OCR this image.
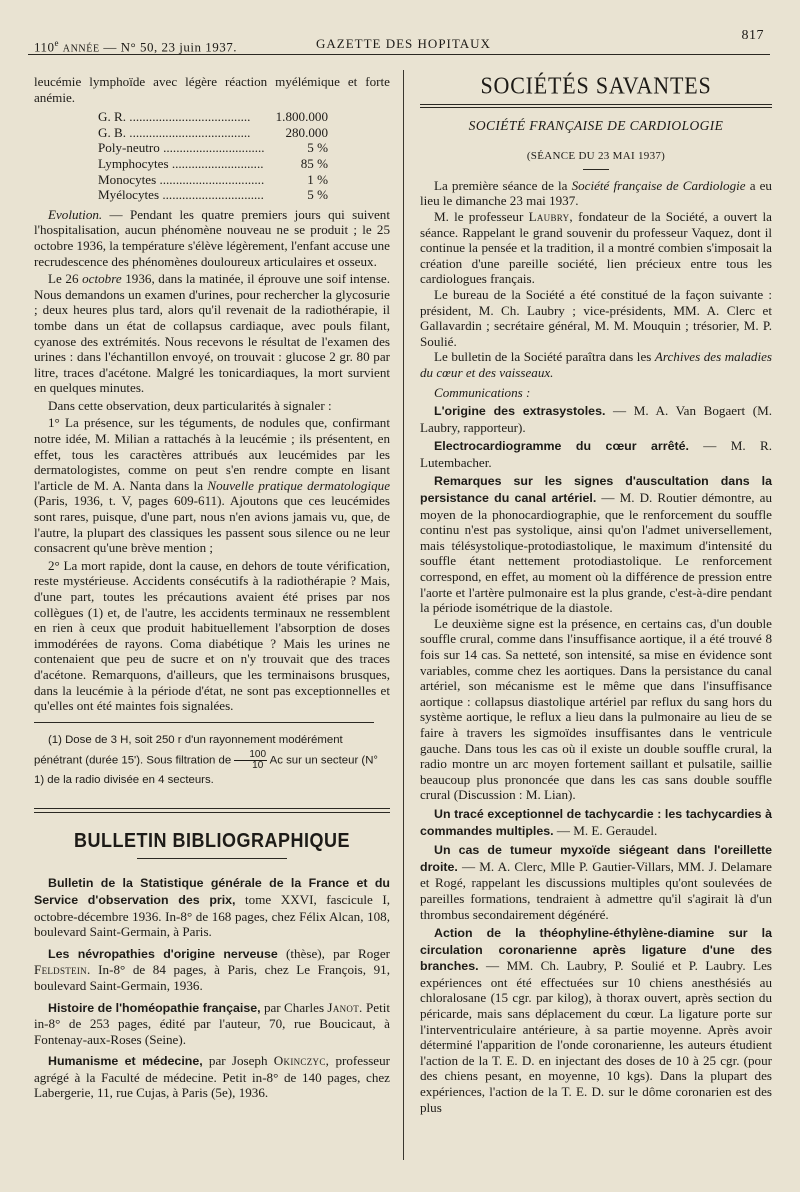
110e ANNÉE — N° 50, 23 juin 1937.	GAZETTE DES HOPITAUX
817

leucémie lymphoïde avec légère réaction myélémique et forte anémie.

G. R. .....	1.800.000
G. B. .....	280.000
Poly-neutro .....	5 %
Lymphocytes .....	85 %
Monocytes .....	1 %
Myélocytes .....	5 %

Evolution. — Pendant les quatre premiers jours qui suivent l'hospitalisation, aucun phénomène nouveau ne se produit ; le 25 octobre 1936, la température s'élève légèrement, l'enfant accuse une recrudescence des phénomènes douloureux articulaires et osseux.

Le 26 octobre 1936, dans la matinée, il éprouve une soif intense. Nous demandons un examen d'urines, pour rechercher la glycosurie ; deux heures plus tard, alors qu'il revenait de la radiothérapie, il tombe dans un état de collapsus cardiaque, avec pouls filant, cyanose des extrémités. Nous recevons le résultat de l'examen des urines : dans l'échantillon envoyé, on trouvait : glucose 2 gr. 80 par litre, traces d'acétone. Malgré les tonicardiaques, la mort survient en quelques minutes.

Dans cette observation, deux particularités à signaler :

1° La présence, sur les téguments, de nodules que, confirmant notre idée, M. Milian a rattachés à la leucémie ; ils présentent, en effet, tous les caractères attribués aux leucémides par les dermatologistes, comme on peut s'en rendre compte en lisant l'article de M. A. Nanta dans la Nouvelle pratique dermatologique (Paris, 1936, t. V, pages 609-611). Ajoutons que ces leucémides sont rares, puisque, d'une part, nous n'en avions jamais vu, que, de l'autre, la plupart des classiques les passent sous silence ou ne leur consacrent qu'une brève mention ;

2° La mort rapide, dont la cause, en dehors de toute vérification, reste mystérieuse. Accidents consécutifs à la radiothérapie ? Mais, d'une part, toutes les précautions avaient été prises par nos collègues (1) et, de l'autre, les accidents terminaux ne ressemblent en rien à ceux que produit habituellement l'absorption de doses immodérées de rayons. Coma diabétique ? Mais les urines ne contenaient que peu de sucre et on n'y trouvait que des traces d'acétone. Remarquons, d'ailleurs, que les terminaisons brusques, dans la leucémie à la période d'état, ne sont pas exceptionnelles et qu'elles ont été maintes fois signalées.

(1) Dose de 3 H, soit 250 r d'un rayonnement modérément pénétrant (durée 15'). Sous filtration de $\frac{100}{10}$ Ac sur un secteur (N° 1) de la radio divisée en 4 secteurs.

BULLETIN BIBLIOGRAPHIQUE

Bulletin de la Statistique générale de la France et du Service d'observation des prix, tome XXVI, fascicule I, octobre-décembre 1936. In-8° de 168 pages, chez Félix Alcan, 108, boulevard Saint-Germain, à Paris.

Les névropathies d'origine nerveuse (thèse), par Roger Feldstein. In-8° de 84 pages, à Paris, chez Le François, 91, boulevard Saint-Germain, 1936.

Histoire de l'homéopathie française, par Charles Janot. Petit in-8° de 253 pages, édité par l'auteur, 70, rue Boucicaut, à Fontenay-aux-Roses (Seine).

Humanisme et médecine, par Joseph Okinczyc, professeur agrégé à la Faculté de médecine. Petit in-8° de 140 pages, chez Labergerie, 11, rue Cujas, à Paris (5e), 1936.

SOCIÉTÉS SAVANTES
SOCIÉTÉ FRANÇAISE DE CARDIOLOGIE
(SÉANCE DU 23 MAI 1937)

La première séance de la Société française de Cardiologie a eu lieu le dimanche 23 mai 1937.

M. le professeur Laubry, fondateur de la Société, a ouvert la séance. Rappelant le grand souvenir du professeur Vaquez, dont il continue la pensée et la tradition, il a montré combien s'imposait la création d'une pareille société, lien précieux entre tous les cardiologues français.

Le bureau de la Société a été constitué de la façon suivante : président, M. Ch. Laubry ; vice-présidents, MM. A. Clerc et Gallavardin ; secrétaire général, M. M. Mouquin ; trésorier, M. P. Soulié.

Le bulletin de la Société paraîtra dans les Archives des maladies du cœur et des vaisseaux.

Communications :

L'origine des extrasystoles. — M. A. Van Bogaert (M. Laubry, rapporteur).

Electrocardiogramme du cœur arrêté. — M. R. Lutembacher.

Remarques sur les signes d'auscultation dans la persistance du canal artériel. — M. D. Routier démontre, au moyen de la phonocardiographie, que le renforcement du souffle continu n'est pas systolique, ainsi qu'on l'admet universellement, mais télésystolique-protodiastolique, le maximum d'intensité du souffle étant nettement protodiastolique. Le renforcement correspond, en effet, au moment où la différence de pression entre l'aorte et l'artère pulmonaire est la plus grande, c'est-à-dire pendant la période isométrique de la diastole.

Le deuxième signe est la présence, en certains cas, d'un double souffle crural, comme dans l'insuffisance aortique, il a été trouvé 8 fois sur 14 cas. Sa netteté, son intensité, sa mise en évidence sont variables, comme chez les aortiques. Dans la persistance du canal artériel, son mécanisme est le même que dans l'insuffisance aortique : collapsus diastolique artériel par reflux du sang hors du système aortique, le reflux a lieu dans la pulmonaire au lieu de se faire à travers les sigmoïdes insuffisantes dans le ventricule gauche. Dans tous les cas où il existe un double souffle crural, la radio montre un arc moyen fortement saillant et pulsatile, saillie beaucoup plus prononcée que dans les cas sans double souffle crural (Discussion : M. Lian).

Un tracé exceptionnel de tachycardie : les tachycardies à commandes multiples. — M. E. Geraudel.

Un cas de tumeur myxoïde siégeant dans l'oreillette droite. — M. A. Clerc, Mlle P. Gautier-Villars, MM. J. Delamare et Rogé, rappelant les discussions multiples qu'ont soulevées de pareilles formations, tendraient à admettre qu'il s'agirait là d'un thrombus secondairement dégénéré.

Action de la théophyline-éthylène-diamine sur la circulation coronarienne après ligature d'une des branches. — MM. Ch. Laubry, P. Soulié et P. Laubry. Les expériences ont été effectuées sur 10 chiens anesthésiés au chloralosane (15 cgr. par kilog), à thorax ouvert, après section du péricarde, mais sans déplacement du cœur. La ligature porte sur l'interventriculaire antérieure, à sa partie moyenne. Après avoir déterminé l'apparition de l'onde coronarienne, les auteurs étudient l'action de la T. E. D. en injectant des doses de 10 à 25 cgr. (pour des chiens pesant, en moyenne, 10 kgs). Dans la plupart des expériences, l'action de la T. E. D. sur le dôme coronarien est des plus
